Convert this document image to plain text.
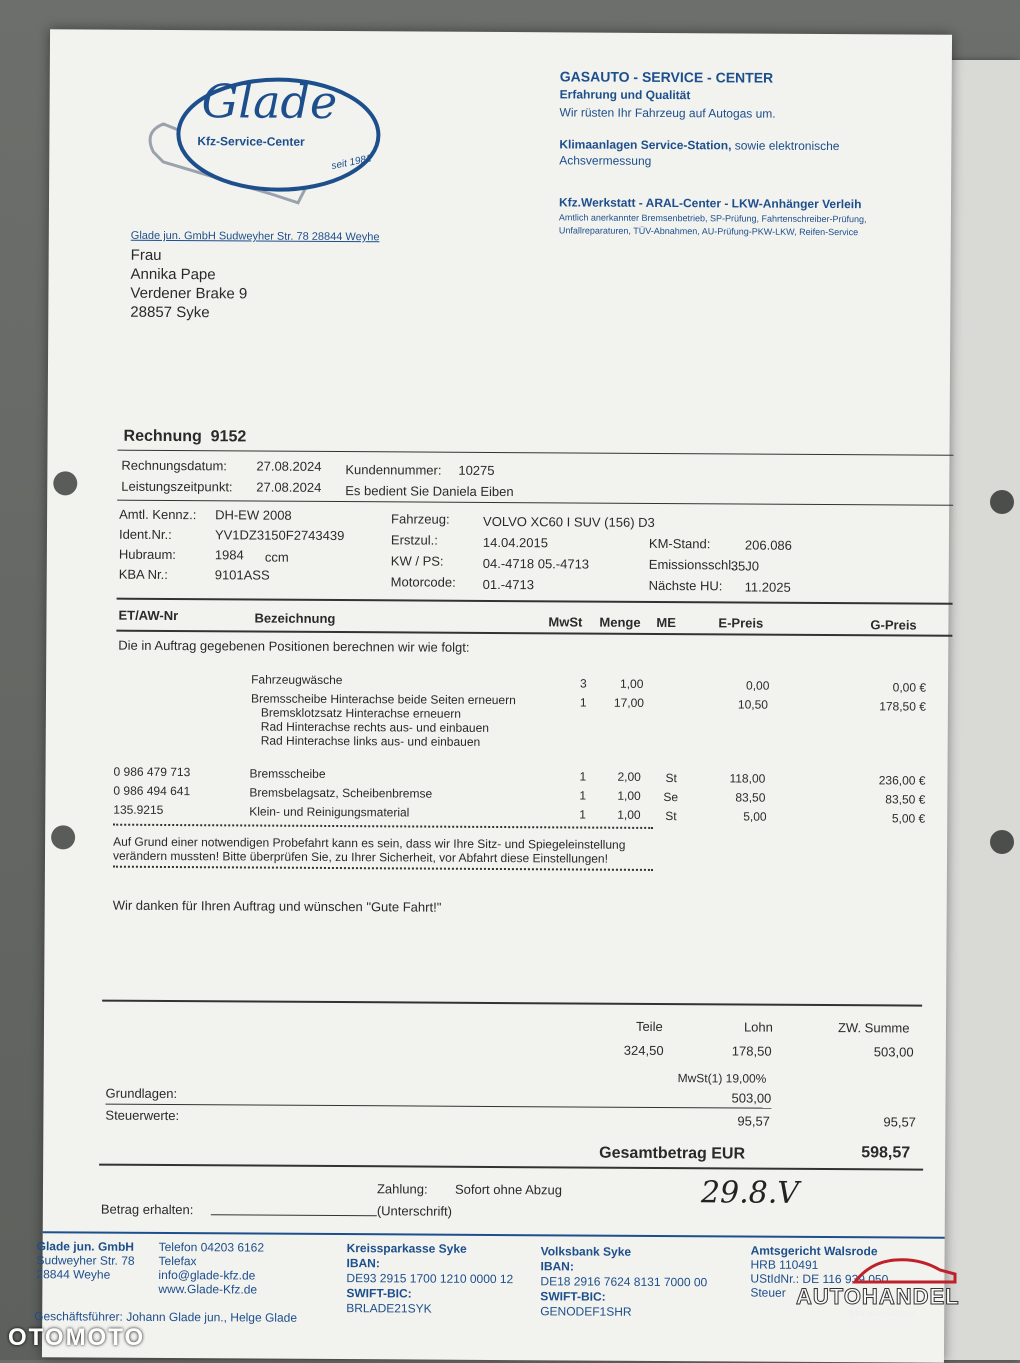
Glade
Kfz-Service-Center
seit 1981
GASAUTO - SERVICE - CENTER
Erfahrung und Qualität
Wir rüsten Ihr Fahrzeug auf Autogas um.
Klimaanlagen Service-Station, sowie elektronische
Achsvermessung
Kfz.Werkstatt - ARAL-Center - LKW-Anhänger Verleih
Amtlich anerkannter Bremsenbetrieb, SP-Prüfung, Fahrtenschreiber-Prüfung,
Unfallreparaturen, TÜV-Abnahmen, AU-Prüfung-PKW-LKW, Reifen-Service
Glade jun. GmbH Sudweyher Str. 78 28844 Weyhe
Frau
Annika Pape
Verdener Brake 9
28857 Syke
Rechnung 9152
Rechnungsdatum: 27.08.2024 Kundennummer: 10275
Leistungszeitpunkt: 27.08.2024 Es bedient Sie Daniela Eiben
Amtl. Kennz.: DH-EW 2008
Ident.Nr.:	YV1DZ3150F2743439
Hubraum:	1984 ccm
KBA Nr.:	9101ASS
Fahrzeug:	VOLVO XC60 I SUV (156) D3
Erstzul.:	14.04.2015
KW / PS:	04.-4718 05.-4713
Motorcode: 01.-4713
KM-Stand:	206.086
Emissionsschl.:
35J0
Nächste HU: 11.2025
ET/AW-Nr	Bezeichnung	MwSt Menge ME	E-Preis	G-Preis
Die in Auftrag gegebenen Positionen berechnen wir wie folgt:
Fahrzeugwäsche	3	1,00	0,00	0,00 €
Bremsscheibe Hinterachse beide Seiten erneuern	1 17,00	10,50	178,50 €
Bremsklotzsatz Hinterachse erneuern
Rad Hinterachse rechts aus- und einbauen
Rad Hinterachse links aus- und einbauen
0 986 479 713	Bremsscheibe	1	2,00 St	118,00	236,00 €
0 986 494 641	Bremsbelagsatz, Scheibenbremse	1	1,00 Se	83,50	83,50 €
135.9215	Klein- und Reinigungsmaterial	1	1,00 St	5,00	5,00 €
Auf Grund einer notwendigen Probefahrt kann es sein, dass wir Ihre Sitz- und Spiegeleinstellung
verändern mussten! Bitte überprüfen Sie, zu Ihrer Sicherheit, vor Abfahrt diese Einstellungen!
Wir danken für Ihren Auftrag und wünschen "Gute Fahrt!"
Teile	Lohn	ZW. Summe
324,50	178,50	503,00
MwSt(1) 19,00%
Grundlagen:	503,00
Steuerwerte:	95,57	95,57
Gesamtbetrag EUR	598,57
Zahlung: Sofort ohne Abzug	29.8.V
Betrag erhalten:	(Unterschrift)
Glade jun. GmbH
Sudweyher Str. 78
28844 Weyhe
Telefon 04203 6162
Telefax
info@glade-kfz.de
www.Glade-Kfz.de
Kreissparkasse Syke
IBAN:
DE93 2915 1700 1210 0000 12
SWIFT-BIC:
BRLADE21SYK
Volksbank Syke
IBAN:
DE18 2916 7624 8131 7000 00
SWIFT-BIC:
GENODEF1SHR
Amtsgericht Walsrode
HRB 110491
UStIdNr.: DE 116 939 050
Steuer
Geschäftsführer: Johann Glade jun., Helge Glade
OTOMOTO
AUTOHANDEL
Mariusz Gajowy
